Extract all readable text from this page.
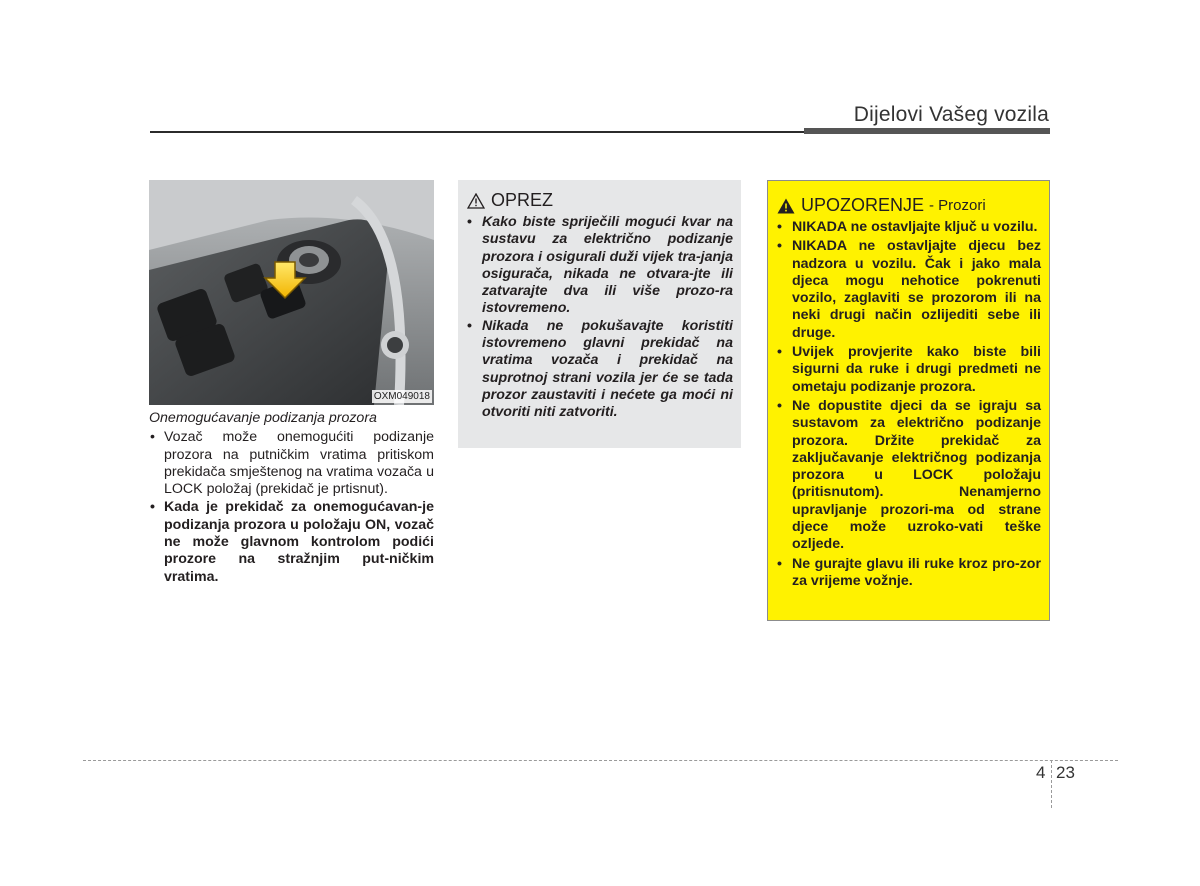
Dijelovi Vašeg vozila
OXM049018
Onemogućavanje podizanja prozora
• Vozač može onemogućiti podizanje prozora na putničkim vratima pritiskom prekidača smještenog na vratima vozača u LOCK položaj (prekidač je prtisnut).
• Kada je prekidač za onemogućavan-je podizanja prozora u položaju ON, vozač ne može glavnom kontrolom podići prozore na stražnjim put-ničkim vratima.
OPREZ
• Kako biste spriječili mogući kvar na sustavu za električno podizanje prozora i osigurali duži vijek tra-janja osigurača, nikada ne otvara-jte ili zatvarajte dva ili više prozo-ra istovremeno.
• Nikada ne pokušavajte koristiti istovremeno glavni prekidač na vratima vozača i prekidač na suprotnoj strani vozila jer će se tada prozor zaustaviti i nećete ga moći ni otvoriti niti zatvoriti.
UPOZORENJE - Prozori
• NIKADA ne ostavljajte ključ u vozilu.
• NIKADA ne ostavljajte djecu bez nadzora u vozilu. Čak i jako mala djeca mogu nehotice pokrenuti vozilo, zaglaviti se prozorom ili na neki drugi način ozlijediti sebe ili druge.
• Uvijek provjerite kako biste bili sigurni da ruke i drugi predmeti ne ometaju podizanje prozora.
• Ne dopustite djeci da se igraju sa sustavom za električno podizanje prozora. Držite prekidač za zaključavanje električnog podizanja prozora u LOCK položaju (pritisnutom). Nenamjerno upravljanje prozori-ma od strane djece može uzroko-vati teške ozljede.
• Ne gurajte glavu ili ruke kroz pro-zor za vrijeme vožnje.
4 23
